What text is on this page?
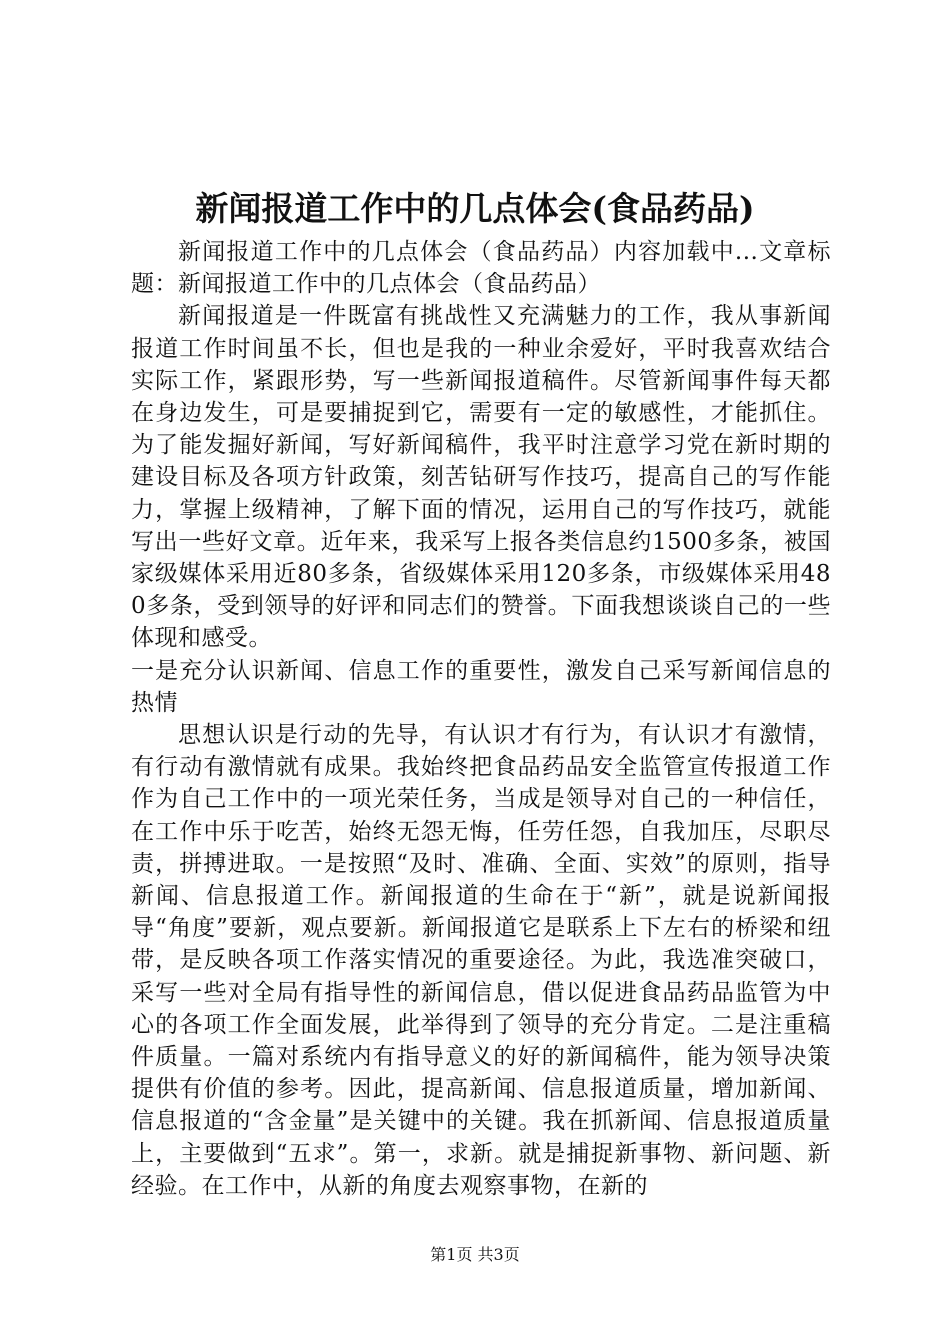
新闻报道工作中的几点体会(食品药品)

新闻报道工作中的几点体会（食品药品）内容加载中...文章标题：新闻报道工作中的几点体会（食品药品）

新闻报道是一件既富有挑战性又充满魅力的工作，我从事新闻报道工作时间虽不长，但也是我的一种业余爱好，平时我喜欢结合实际工作，紧跟形势，写一些新闻报道稿件。尽管新闻事件每天都在身边发生，可是要捕捉到它，需要有一定的敏感性，才能抓住。为了能发掘好新闻，写好新闻稿件，我平时注意学习党在新时期的建设目标及各项方针政策，刻苦钻研写作技巧，提高自己的写作能力，掌握上级精神，了解下面的情况，运用自己的写作技巧，就能写出一些好文章。近年来，我采写上报各类信息约1500多条，被国家级媒体采用近80多条，省级媒体采用120多条，市级媒体采用480多条，受到领导的好评和同志们的赞誉。下面我想谈谈自己的一些体现和感受。

一是充分认识新闻、信息工作的重要性，激发自己采写新闻信息的热情

思想认识是行动的先导，有认识才有行为，有认识才有激情，有行动有激情就有成果。我始终把食品药品安全监管宣传报道工作作为自己工作中的一项光荣任务，当成是领导对自己的一种信任，在工作中乐于吃苦，始终无怨无悔，任劳任怨，自我加压，尽职尽责，拼搏进取。一是按照“及时、准确、全面、实效”的原则，指导新闻、信息报道工作。新闻报道的生命在于“新”，就是说新闻报导“角度”要新，观点要新。新闻报道它是联系上下左右的桥梁和纽带，是反映各项工作落实情况的重要途径。为此，我选准突破口，采写一些对全局有指导性的新闻信息，借以促进食品药品监管为中心的各项工作全面发展，此举得到了领导的充分肯定。二是注重稿件质量。一篇对系统内有指导意义的好的新闻稿件，能为领导决策提供有价值的参考。因此，提高新闻、信息报道质量，增加新闻、信息报道的“含金量”是关键中的关键。我在抓新闻、信息报道质量上，主要做到“五求”。第一，求新。就是捕捉新事物、新问题、新经验。在工作中，从新的角度去观察事物，在新的

第1页 共3页
